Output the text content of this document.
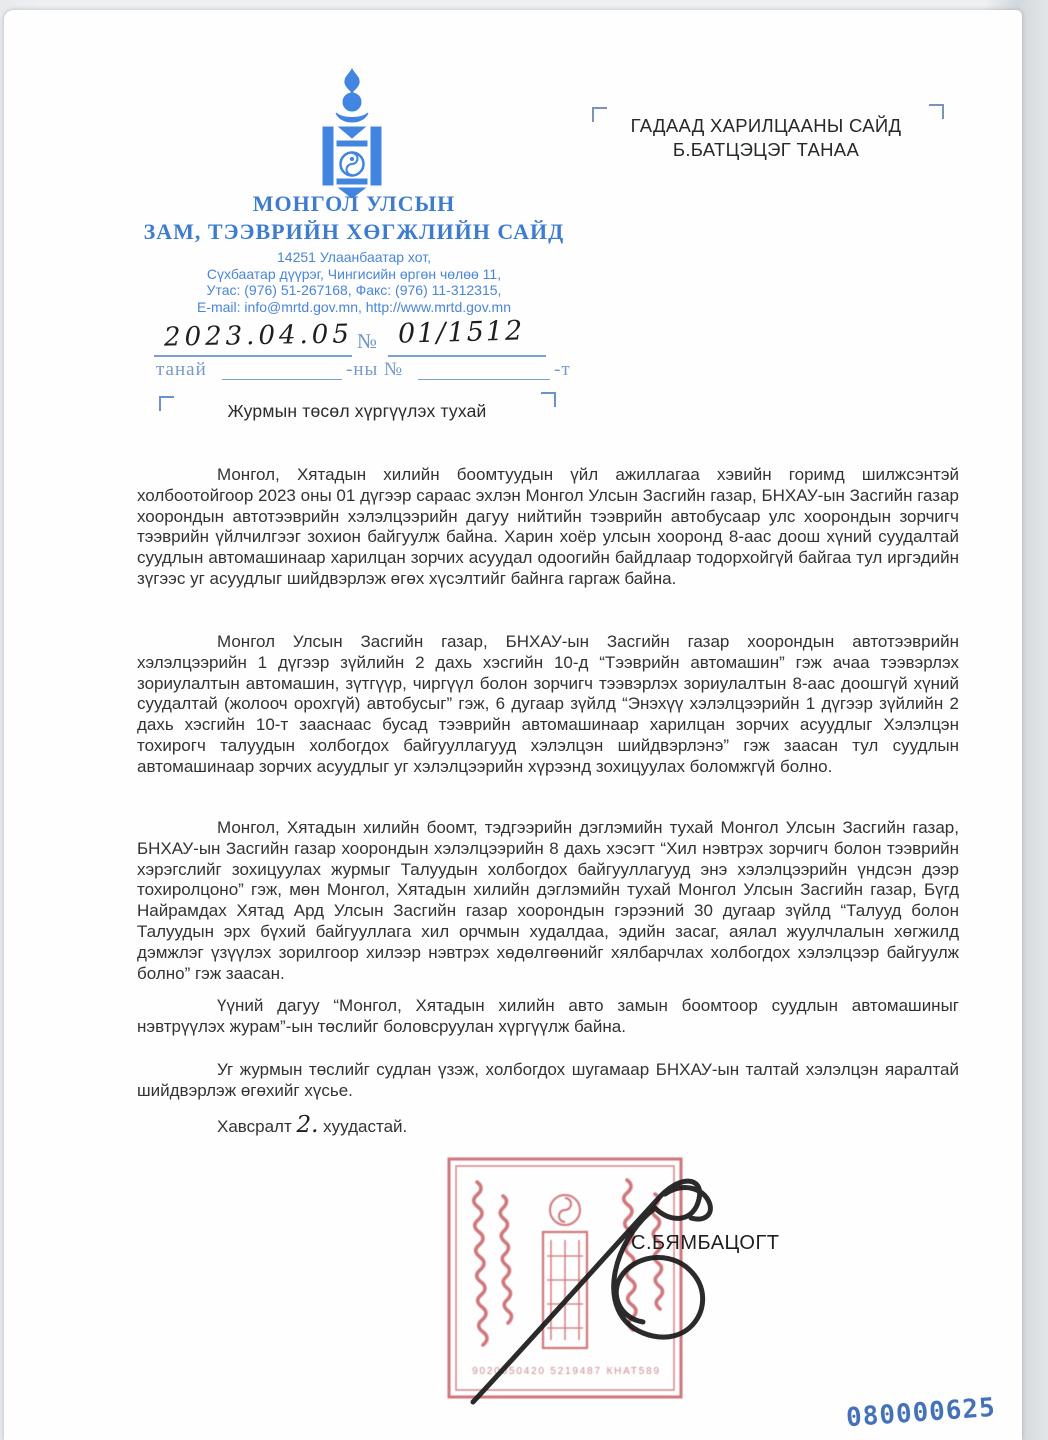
МОНГОЛ УЛСЫН
ЗАМ, ТЭЭВРИЙН ХӨГЖЛИЙН САЙД
14251 Улаанбаатар хот,
Сүхбаатар дүүрэг, Чингисийн өргөн чөлөө 11,
Утас: (976) 51-267168, Факс: (976) 11-312315,
E-mail: info@mrtd.gov.mn, http://www.mrtd.gov.mn
ГАДААД ХАРИЛЦААНЫ САЙД
Б.БАТЦЭЦЭГ ТАНАА
2023.04.05 № 01/1512
танай	-ны №	-т
Журмын төсөл хүргүүлэх тухай
Монгол, Хятадын хилийн боомтуудын үйл ажиллагаа хэвийн горимд шилжсэнтэй холбоотойгоор 2023 оны 01 дүгээр сараас эхлэн Монгол Улсын Засгийн газар, БНХАУ-ын Засгийн газар хоорондын автотээврийн хэлэлцээрийн дагуу нийтийн тээврийн автобусаар улс хоорондын зорчигч тээврийн үйлчилгээг зохион байгуулж байна. Харин хоёр улсын хооронд 8-аас доош хүний суудалтай суудлын автомашинаар харилцан зорчих асуудал одоогийн байдлаар тодорхойгүй байгаа тул иргэдийн зүгээс уг асуудлыг шийдвэрлэж өгөх хүсэлтийг байнга гаргаж байна.
Монгол Улсын Засгийн газар, БНХАУ-ын Засгийн газар хоорондын автотээврийн хэлэлцээрийн 1 дүгээр зүйлийн 2 дахь хэсгийн 10-д “Тээврийн автомашин” гэж ачаа тээвэрлэх зориулалтын автомашин, зүтгүүр, чиргүүл болон зорчигч тээвэрлэх зориулалтын 8-аас доошгүй хүний суудалтай (жолооч орохгүй) автобусыг” гэж, 6 дугаар зүйлд “Энэхүү хэлэлцээрийн 1 дүгээр зүйлийн 2 дахь хэсгийн 10-т зааснаас бусад тээврийн автомашинаар харилцан зорчих асуудлыг Хэлэлцэн тохирогч талуудын холбогдох байгууллагууд хэлэлцэн шийдвэрлэнэ” гэж заасан тул суудлын автомашинаар зорчих асуудлыг уг хэлэлцээрийн хүрээнд зохицуулах боломжгүй болно.
Монгол, Хятадын хилийн боомт, тэдгээрийн дэглэмийн тухай Монгол Улсын Засгийн газар, БНХАУ-ын Засгийн газар хоорондын хэлэлцээрийн 8 дахь хэсэгт “Хил нэвтрэх зорчигч болон тээврийн хэрэгслийг зохицуулах журмыг Талуудын холбогдох байгууллагууд энэ хэлэлцээрийн үндсэн дээр тохиролцоно” гэж, мөн Монгол, Хятадын хилийн дэглэмийн тухай Монгол Улсын Засгийн газар, Бүгд Найрамдах Хятад Ард Улсын Засгийн газар хоорондын гэрээний 30 дугаар зүйлд “Талууд болон Талуудын эрх бүхий байгууллага хил орчмын худалдаа, эдийн засаг, аялал жуулчлалын хөгжилд дэмжлэг үзүүлэх зорилгоор хилээр нэвтрэх хөдөлгөөнийг хялбарчлах холбогдох хэлэлцээр байгуулж болно” гэж заасан.
Үүний дагуу “Монгол, Хятадын хилийн авто замын боомтоор суудлын автомашиныг нэвтрүүлэх журам”-ын төслийг боловсруулан хүргүүлж байна.
Уг журмын төслийг судлан үзэж, холбогдох шугамаар БНХАУ-ын талтай хэлэлцэн яаралтай шийдвэрлэж өгөхийг хүсье.
Хавсралт 2. хуудастай.
9020050420 5219487 КНАТ589
С.БЯМБАЦОГТ
080000625
